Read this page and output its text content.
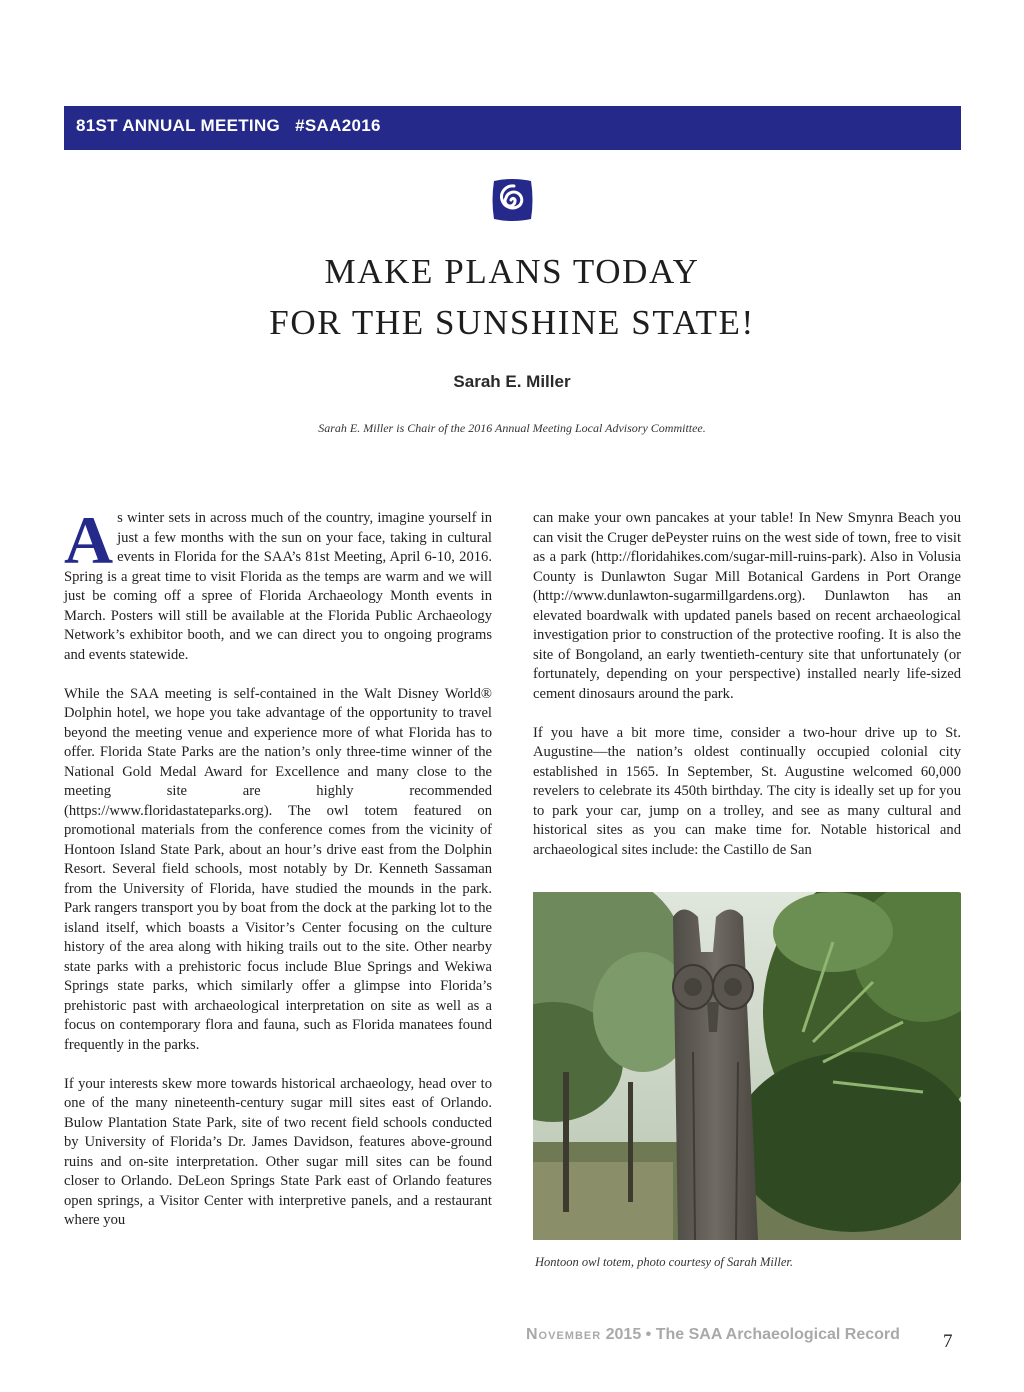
81ST ANNUAL MEETING #SAA2016
MAKE PLANS TODAY
FOR THE SUNSHINE STATE!
Sarah E. Miller
Sarah E. Miller is Chair of the 2016 Annual Meeting Local Advisory Committee.

As winter sets in across much of the country, imagine yourself in just a few months with the sun on your face, taking in cultural events in Florida for the SAA’s 81st Meeting, April 6-10, 2016. Spring is a great time to visit Florida as the temps are warm and we will just be coming off a spree of Florida Archaeology Month events in March. Posters will still be available at the Florida Public Archaeology Network’s exhibitor booth, and we can direct you to ongoing programs and events statewide.

While the SAA meeting is self-contained in the Walt Disney World® Dolphin hotel, we hope you take advantage of the opportunity to travel beyond the meeting venue and experience more of what Florida has to offer. Florida State Parks are the nation’s only three-time winner of the National Gold Medal Award for Excellence and many close to the meeting site are highly recommended (https://www.floridastateparks.org). The owl totem featured on promotional materials from the conference comes from the vicinity of Hontoon Island State Park, about an hour’s drive east from the Dolphin Resort. Several field schools, most notably by Dr. Kenneth Sassaman from the University of Florida, have studied the mounds in the park. Park rangers transport you by boat from the dock at the parking lot to the island itself, which boasts a Visitor’s Center focusing on the culture history of the area along with hiking trails out to the site. Other nearby state parks with a prehistoric focus include Blue Springs and Wekiwa Springs state parks, which similarly offer a glimpse into Florida’s prehistoric past with archaeological interpretation on site as well as a focus on contemporary flora and fauna, such as Florida manatees found frequently in the parks.

If your interests skew more towards historical archaeology, head over to one of the many nineteenth-century sugar mill sites east of Orlando. Bulow Plantation State Park, site of two recent field schools conducted by University of Florida’s Dr. James Davidson, features above-ground ruins and on-site interpretation. Other sugar mill sites can be found closer to Orlando. DeLeon Springs State Park east of Orlando features open springs, a Visitor Center with interpretive panels, and a restaurant where you

can make your own pancakes at your table! In New Smynra Beach you can visit the Cruger dePeyster ruins on the west side of town, free to visit as a park (http://floridahikes.com/sugar-mill-ruins-park). Also in Volusia County is Dunlawton Sugar Mill Botanical Gardens in Port Orange (http://www.dunlawton-sugarmillgardens.org). Dunlawton has an elevated boardwalk with updated panels based on recent archaeological investigation prior to construction of the protective roofing. It is also the site of Bongoland, an early twentieth-century site that unfortunately (or fortunately, depending on your perspective) installed nearly life-sized cement dinosaurs around the park.

If you have a bit more time, consider a two-hour drive up to St. Augustine—the nation’s oldest continually occupied colonial city established in 1565. In September, St. Augustine welcomed 60,000 revelers to celebrate its 450th birthday. The city is ideally set up for you to park your car, jump on a trolley, and see as many cultural and historical sites as you can make time for. Notable historical and archaeological sites include: the Castillo de San

Hontoon owl totem, photo courtesy of Sarah Miller.
November 2015 • The SAA Archaeological Record 7
